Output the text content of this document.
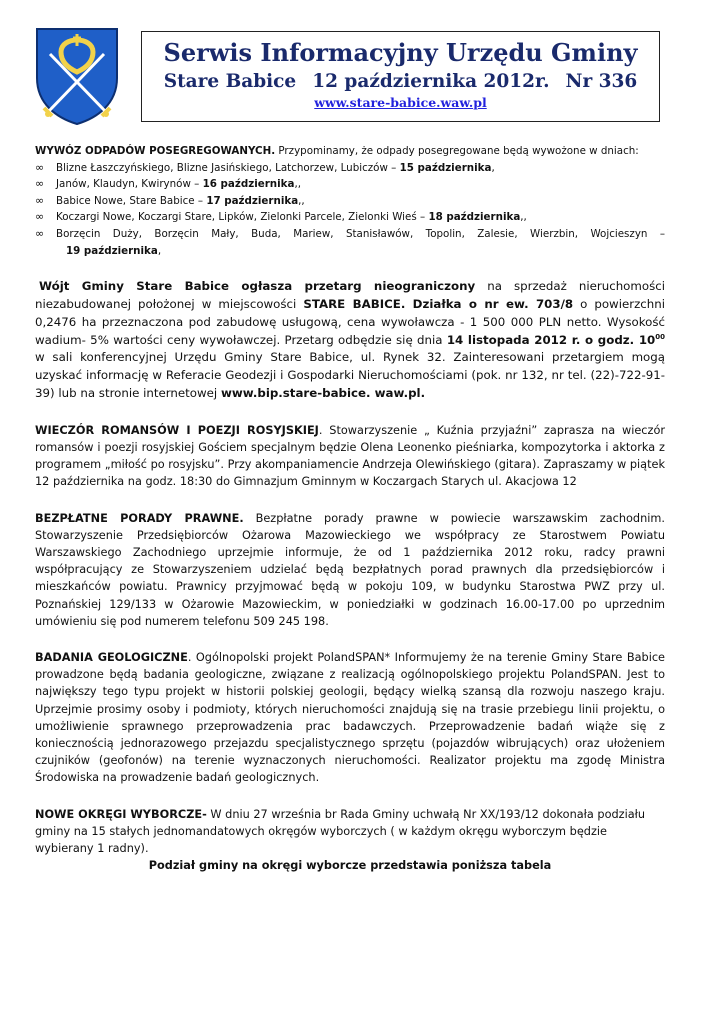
Serwis Informacyjny Urzędu Gminy
Stare Babice 12 października 2012r. Nr 336
www.stare-babice.waw.pl

WYWÓZ ODPADÓW POSEGREGOWANYCH. Przypominamy, że odpady posegregowane będą wywożone w dniach:

∞ Blizne Łaszczyńskiego, Blizne Jasińskiego, Latchorzew, Lubiczów – 15 października,
∞ Janów, Klaudyn, Kwirynów – 16 października,,
∞ Babice Nowe, Stare Babice – 17 października,,
∞ Koczargi Nowe, Koczargi Stare, Lipków, Zielonki Parcele, Zielonki Wieś – 18 października,,
∞ Borzęcin Duży, Borzęcin Mały, Buda, Mariew, Stanisławów, Topolin, Zalesie, Wierzbin, Wojcieszyn –
19 października,

Wójt Gminy Stare Babice ogłasza przetarg nieograniczony na sprzedaż nieruchomości niezabudowanej położonej w miejscowości STARE BABICE. Działka o nr ew. 703/8 o powierzchni 0,2476 ha przeznaczona pod zabudowę usługową, cena wywoławcza - 1 500 000 PLN netto. Wysokość wadium- 5% wartości ceny wywoławczej. Przetarg odbędzie się dnia 14 listopada 2012 r. o godz. $10^{00}$ w sali konferencyjnej Urzędu Gminy Stare Babice, ul. Rynek 32. Zainteresowani przetargiem mogą uzyskać informację w Referacie Geodezji i Gospodarki Nieruchomościami (pok. nr 132, nr tel. (22)-722-91-39) lub na stronie internetowej www.bip.stare-babice. waw.pl.

WIECZÓR ROMANSÓW I POEZJI ROSYJSKIEJ. Stowarzyszenie „ Kuźnia przyjaźni” zaprasza na wieczór romansów i poezji rosyjskiej Gościem specjalnym będzie Olena Leonenko pieśniarka, kompozytorka i aktorka z programem „miłość po rosyjsku”. Przy akompaniamencie Andrzeja Olewińskiego (gitara). Zapraszamy w piątek 12 października na godz. 18:30 do Gimnazjum Gminnym w Koczargach Starych ul. Akacjowa 12

BEZPŁATNE PORADY PRAWNE. Bezpłatne porady prawne w powiecie warszawskim zachodnim. Stowarzyszenie Przedsiębiorców Ożarowa Mazowieckiego we współpracy ze Starostwem Powiatu Warszawskiego Zachodniego uprzejmie informuje, że od 1 października 2012 roku, radcy prawni współpracujący ze Stowarzyszeniem udzielać będą bezpłatnych porad prawnych dla przedsiębiorców i mieszkańców powiatu. Prawnicy przyjmować będą w pokoju 109, w budynku Starostwa PWZ przy ul. Poznańskiej 129/133 w Ożarowie Mazowieckim, w poniedziałki w godzinach 16.00-17.00 po uprzednim umówieniu się pod numerem telefonu 509 245 198.

BADANIA GEOLOGICZNE. Ogólnopolski projekt PolandSPAN* Informujemy że na terenie Gminy Stare Babice prowadzone będą badania geologiczne, związane z realizacją ogólnopolskiego projektu PolandSPAN. Jest to największy tego typu projekt w historii polskiej geologii, będący wielką szansą dla rozwoju naszego kraju. Uprzejmie prosimy osoby i podmioty, których nieruchomości znajdują się na trasie przebiegu linii projektu, o umożliwienie sprawnego przeprowadzenia prac badawczych. Przeprowadzenie badań wiąże się z koniecznością jednorazowego przejazdu specjalistycznego sprzętu (pojazdów wibrujących) oraz ułożeniem czujników (geofonów) na terenie wyznaczonych nieruchomości. Realizator projektu ma zgodę Ministra Środowiska na prowadzenie badań geologicznych.

NOWE OKRĘGI WYBORCZE- W dniu 27 września br Rada Gminy uchwałą Nr XX/193/12 dokonała podziału gminy na 15 stałych jednomandatowych okręgów wyborczych ( w każdym okręgu wyborczym będzie wybierany 1 radny).

Podział gminy na okręgi wyborcze przedstawia poniższa tabela
